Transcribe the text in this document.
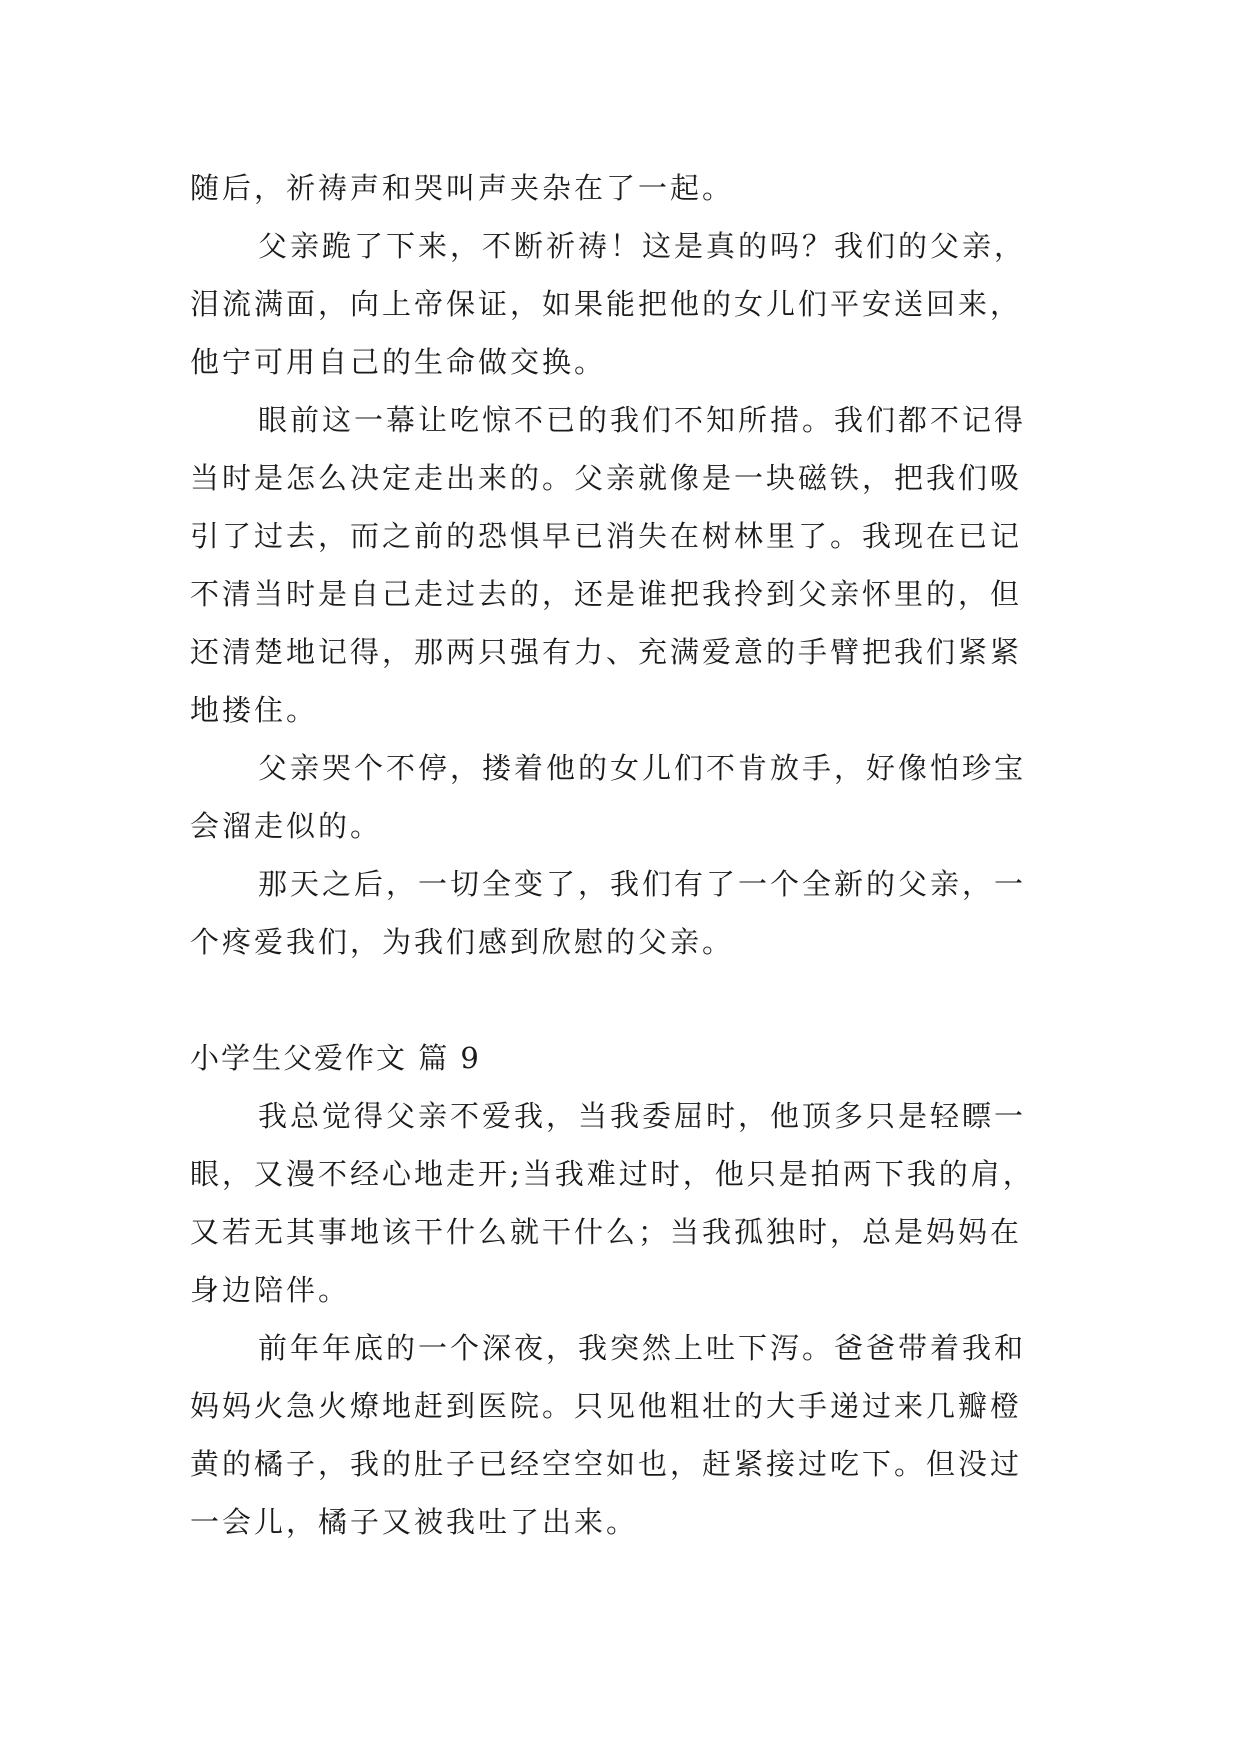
随后，祈祷声和哭叫声夹杂在了一起。
父亲跪了下来，不断祈祷！这是真的吗？我们的父亲，
泪流满面，向上帝保证，如果能把他的女儿们平安送回来，
他宁可用自己的生命做交换。
眼前这一幕让吃惊不已的我们不知所措。我们都不记得
当时是怎么决定走出来的。父亲就像是一块磁铁，把我们吸
引了过去，而之前的恐惧早已消失在树林里了。我现在已记
不清当时是自己走过去的，还是谁把我拎到父亲怀里的，但
还清楚地记得，那两只强有力、充满爱意的手臂把我们紧紧
地搂住。
父亲哭个不停，搂着他的女儿们不肯放手，好像怕珍宝
会溜走似的。
那天之后，一切全变了，我们有了一个全新的父亲，一
个疼爱我们，为我们感到欣慰的父亲。
小学生父爱作文 篇 9
我总觉得父亲不爱我，当我委屈时，他顶多只是轻瞟一
眼，又漫不经心地走开;当我难过时，他只是拍两下我的肩，
又若无其事地该干什么就干什么；当我孤独时，总是妈妈在
身边陪伴。
前年年底的一个深夜，我突然上吐下泻。爸爸带着我和
妈妈火急火燎地赶到医院。只见他粗壮的大手递过来几瓣橙
黄的橘子，我的肚子已经空空如也，赶紧接过吃下。但没过
一会儿，橘子又被我吐了出来。
